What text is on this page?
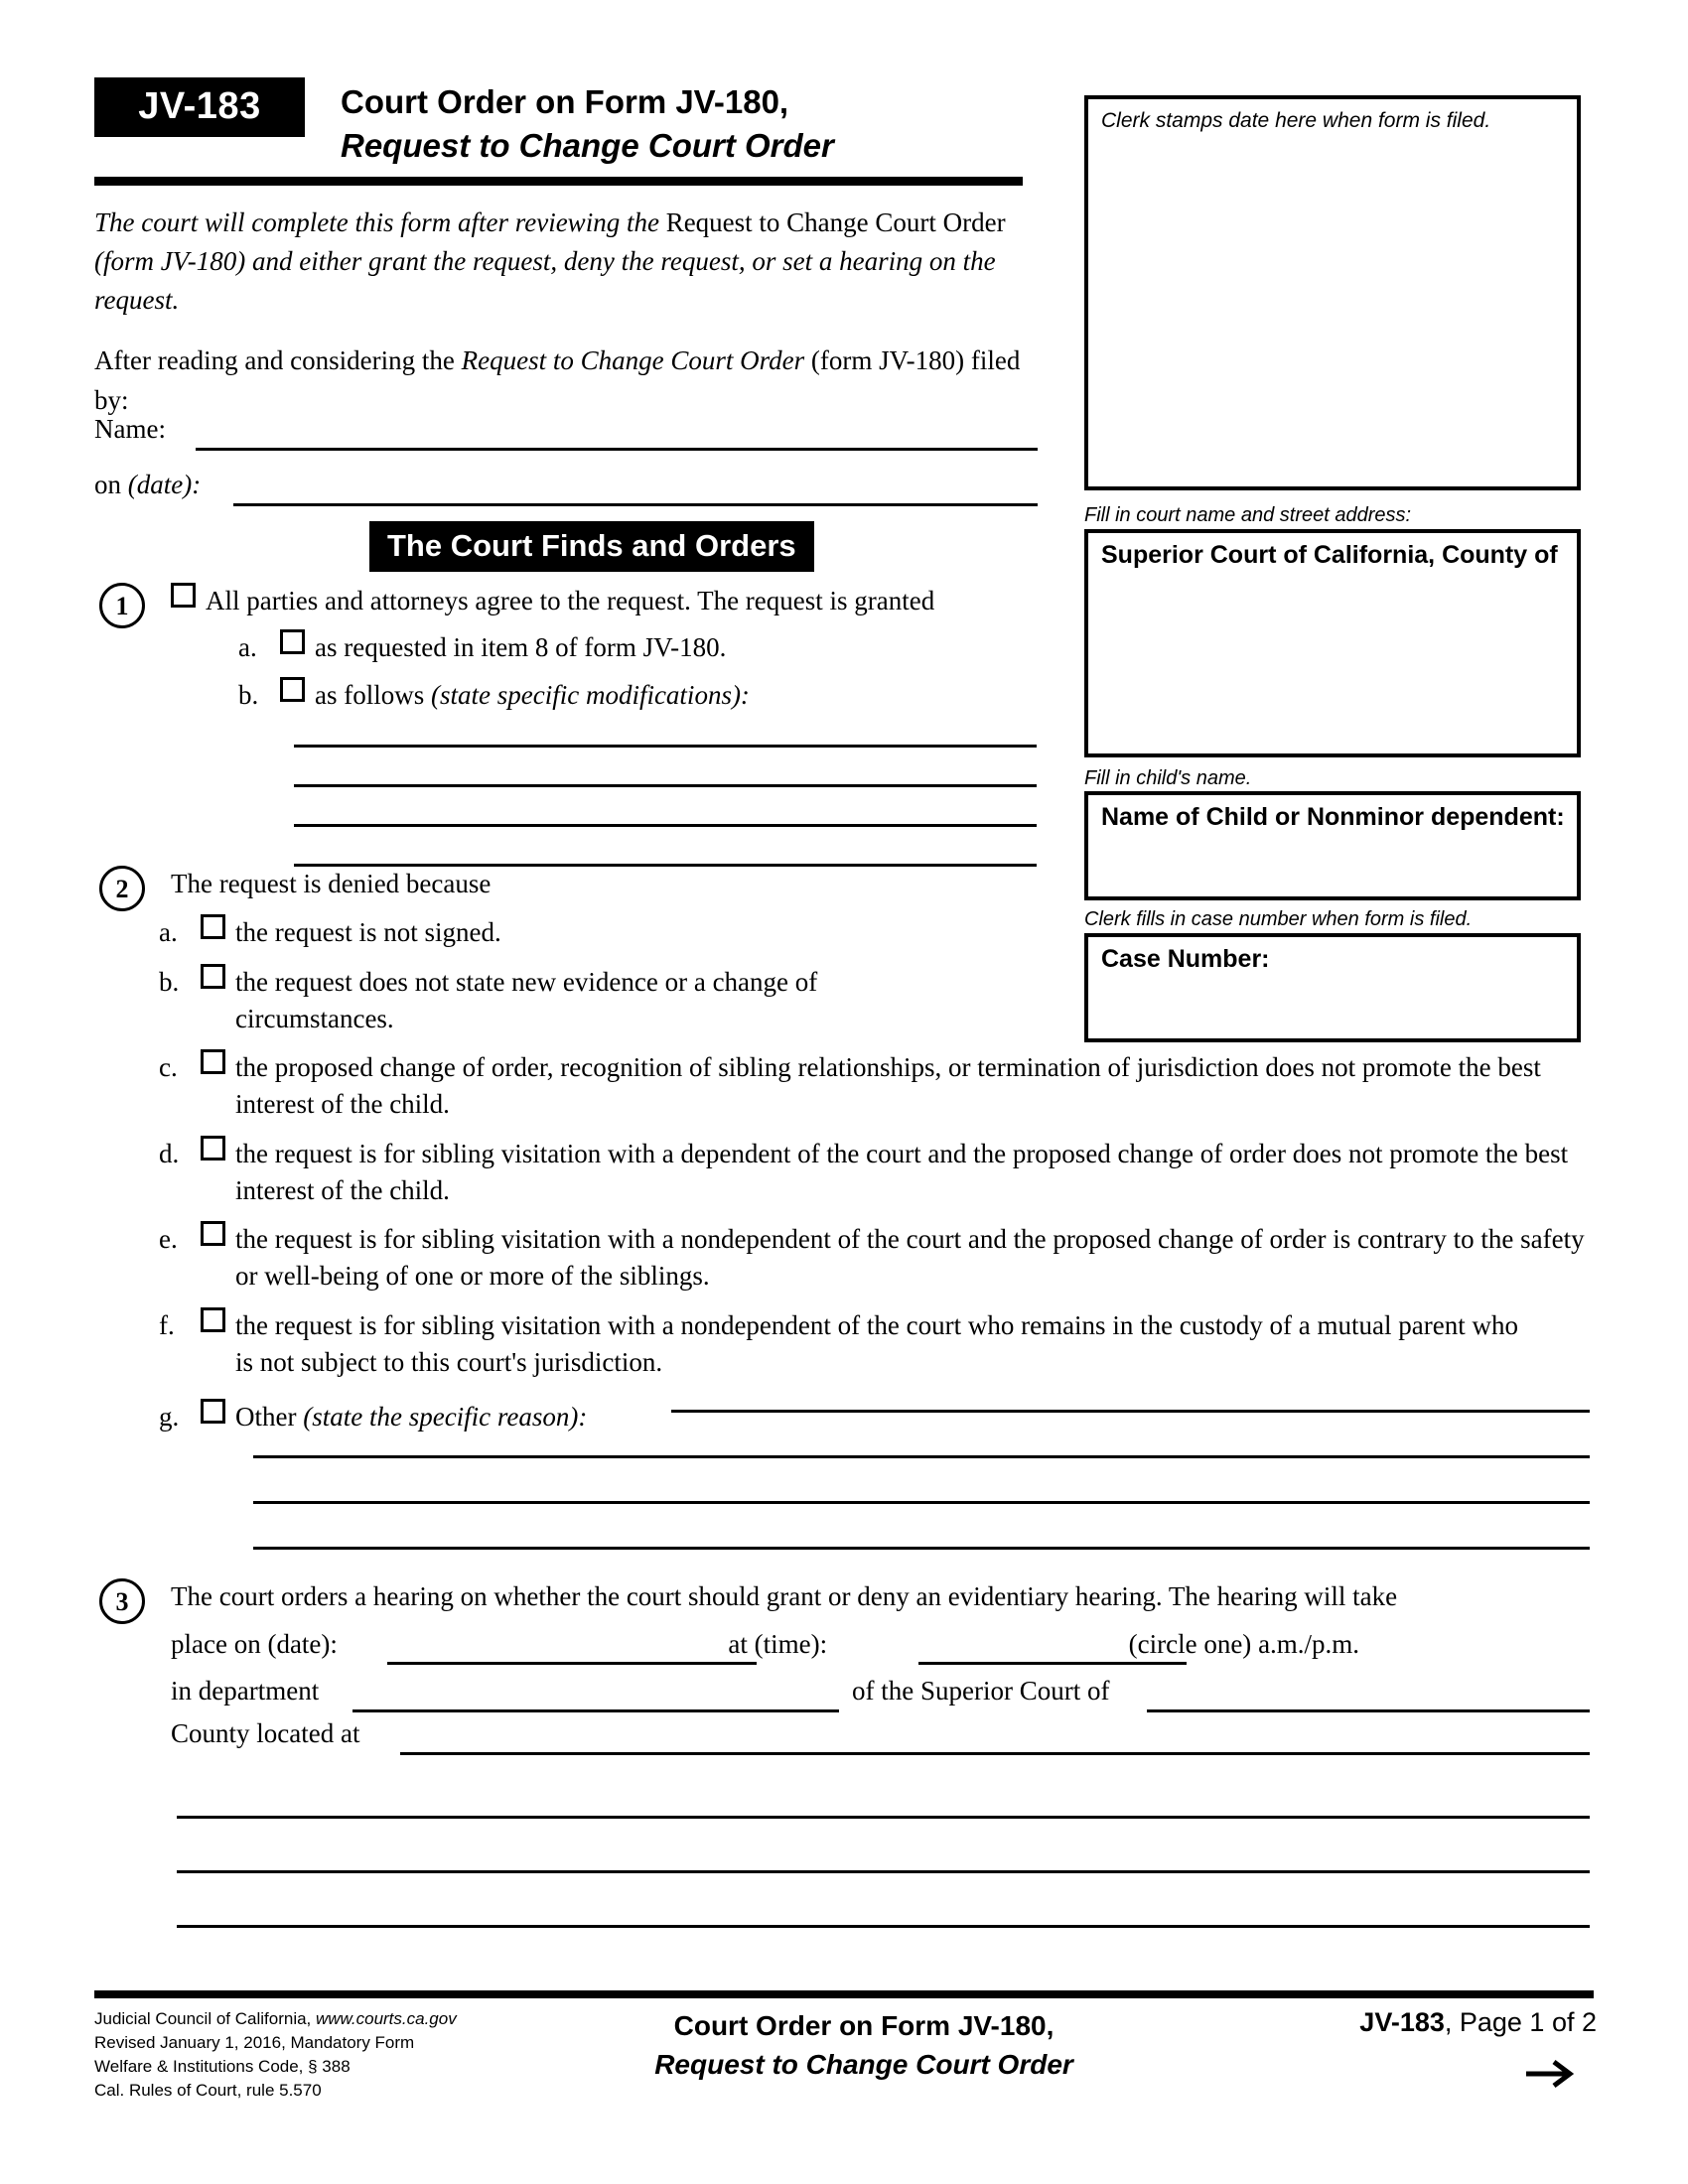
JV-183 Court Order on Form JV-180,
Request to Change Court Order

The court will complete this form after reviewing the Request to Change Court Order (form JV-180) and either grant the request, deny the request, or set a hearing on the request.

After reading and considering the Request to Change Court Order (form JV-180) filed by:

Name:
on (date):
The Court Finds and Orders
1	All parties and attorneys agree to the request. The request is granted
a.	as requested in item 8 of form JV-180.
b.	as follows (state specific modifications):
2	The request is denied because
a.	the request is not signed.
b.	the request does not state new evidence or a change of circumstances.
c.	the proposed change of order, recognition of sibling relationships, or termination of jurisdiction does not promote the best interest of the child.
d.	the request is for sibling visitation with a dependent of the court and the proposed change of order does not promote the best interest of the child.
e.	the request is for sibling visitation with a nondependent of the court and the proposed change of order is contrary to the safety or well-being of one or more of the siblings.
f.	the request is for sibling visitation with a nondependent of the court who remains in the custody of a mutual parent who is not subject to this court's jurisdiction.
g.	Other (state the specific reason):
3	The court orders a hearing on whether the court should grant or deny an evidentiary hearing. The hearing will take
place on (date):	at (time):	(circle one) a.m./p.m.
in department	of the Superior Court of
County located at
Clerk stamps date here when form is filed.
Fill in court name and street address:
Superior Court of California, County of
Fill in child's name.
Name of Child or Nonminor dependent:
Clerk fills in case number when form is filed.
Case Number:
Judicial Council of California, www.courts.ca.gov
Revised January 1, 2016, Mandatory Form
Welfare & Institutions Code, § 388
Cal. Rules of Court, rule 5.570
Court Order on Form JV-180,
Request to Change Court Order
JV-183, Page 1 of 2
